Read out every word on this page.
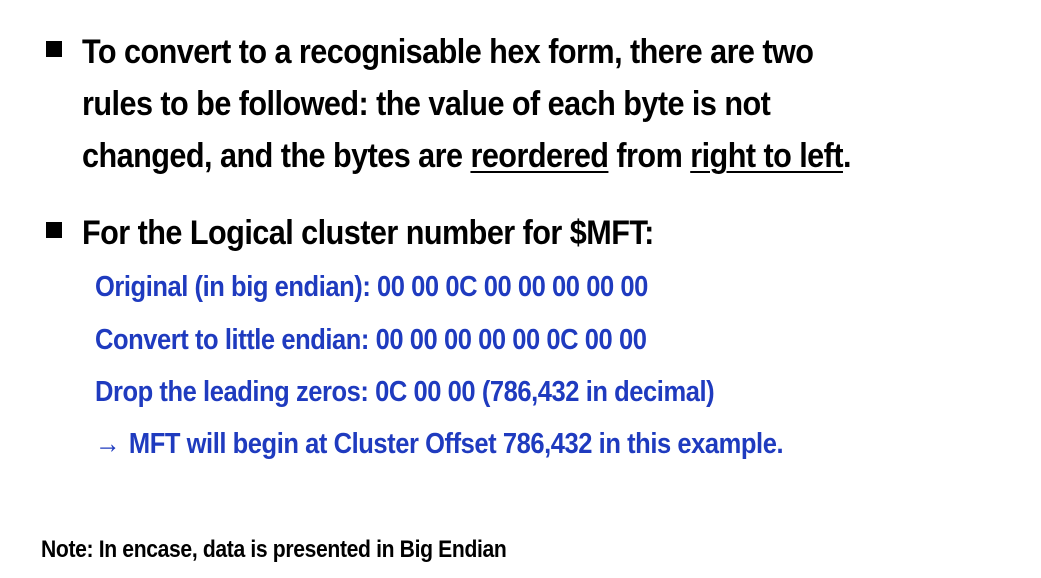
To convert to a recognisable hex form, there are two
rules to be followed: the value of each byte is not
changed, and the bytes are reordered from right to left.
For the Logical cluster number for $MFT:
Original (in big endian): 00 00 0C 00 00 00 00 00
Convert to little endian: 00 00 00 00 00 0C 00 00
Drop the leading zeros: 0C 00 00 (786,432 in decimal)
→ MFT will begin at Cluster Offset 786,432 in this example.
Note: In encase, data is presented in Big Endian
